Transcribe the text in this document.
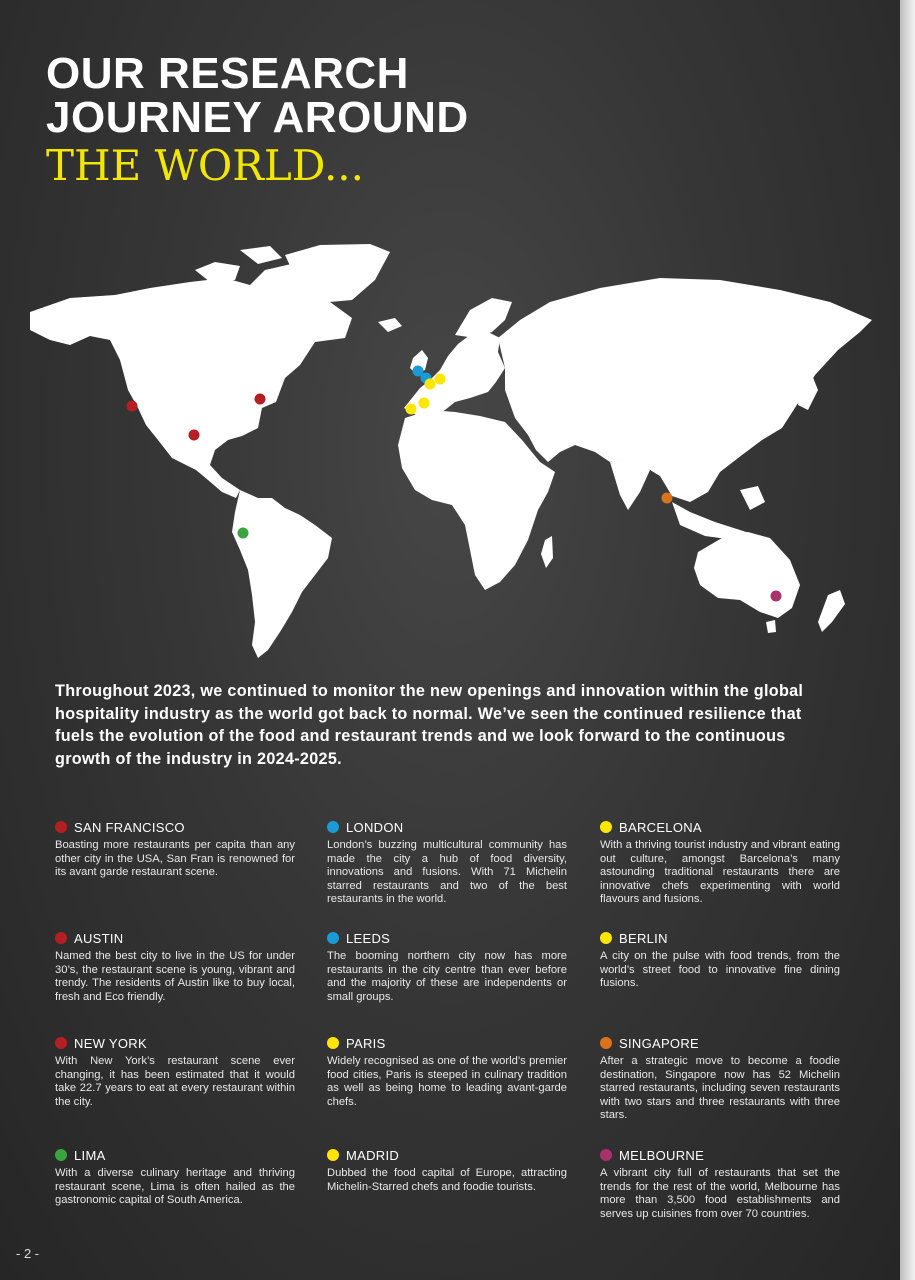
OUR RESEARCH
JOURNEY AROUND
THE WORLD...
Throughout 2023, we continued to monitor the new openings and innovation within the global hospitality industry as the world got back to normal. We’ve seen the continued resilience that fuels the evolution of the food and restaurant trends and we look forward to the continuous growth of the industry in 2024-2025.
SAN FRANCISCO
Boasting more restaurants per capita than any other city in the USA, San Fran is renowned for its avant garde restaurant scene.
AUSTIN
Named the best city to live in the US for under 30’s, the restaurant scene is young, vibrant and trendy. The residents of Austin like to buy local, fresh and Eco friendly.
NEW YORK
With New York’s restaurant scene ever changing, it has been estimated that it would take 22.7 years to eat at every restaurant within the city.
LIMA
With a diverse culinary heritage and thriving restaurant scene, Lima is often hailed as the gastronomic capital of South America.
LONDON
London’s buzzing multicultural community has made the city a hub of food diversity, innovations and fusions. With 71 Michelin starred restaurants and two of the best restaurants in the world.
LEEDS
The booming northern city now has more restaurants in the city centre than ever before and the majority of these are independents or small groups.
PARIS
Widely recognised as one of the world’s premier food cities, Paris is steeped in culinary tradition as well as being home to leading avant-garde chefs.
MADRID
Dubbed the food capital of Europe, attracting Michelin-Starred chefs and foodie tourists.
BARCELONA
With a thriving tourist industry and vibrant eating out culture, amongst Barcelona’s many astounding traditional restaurants there are innovative chefs experimenting with world flavours and fusions.
BERLIN
A city on the pulse with food trends, from the world’s street food to innovative fine dining fusions.
SINGAPORE
After a strategic move to become a foodie destination, Singapore now has 52 Michelin starred restaurants, including seven restaurants with two stars and three restaurants with three stars.
MELBOURNE
A vibrant city full of restaurants that set the trends for the rest of the world, Melbourne has more than 3,500 food establishments and serves up cuisines from over 70 countries.
- 2 -
